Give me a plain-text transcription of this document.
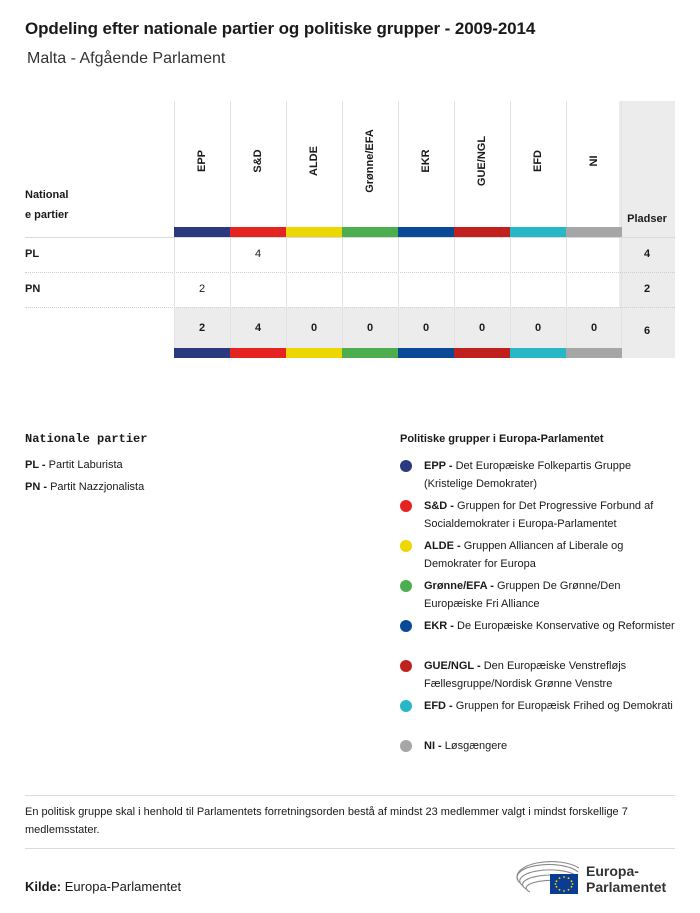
Opdeling efter nationale partier og politiske grupper - 2009-2014
Malta - Afgående Parlament
National
e partier	Pladser
PL
PN
4
2
6
EPP
2
2
S&D
4
4
ALDE
0
Grønne/EFA
0
EKR
0
GUE/NGL
0
EFD
0
NI
0
Nationale partier
PL - Partit Laburista
PN - Partit Nazzjonalista
Politiske grupper i Europa-Parlamentet
EPP - Det Europæiske Folkepartis Gruppe (Kristelige Demokrater)
S&D - Gruppen for Det Progressive Forbund af Socialdemokrater i Europa-Parlamentet
ALDE - Gruppen Alliancen af Liberale og Demokrater for Europa
Grønne/EFA - Gruppen De Grønne/Den Europæiske Fri Alliance
EKR - De Europæiske Konservative og Reformister
GUE/NGL - Den Europæiske Venstrefløjs Fællesgruppe/Nordisk Grønne Venstre
EFD - Gruppen for Europæisk Frihed og Demokrati
NI - Løsgængere
En politisk gruppe skal i henhold til Parlamentets forretningsorden bestå af mindst 23 medlemmer valgt i mindst forskellige 7 medlemsstater.
Kilde: Europa-Parlamentet
Europa-
Parlamentet
